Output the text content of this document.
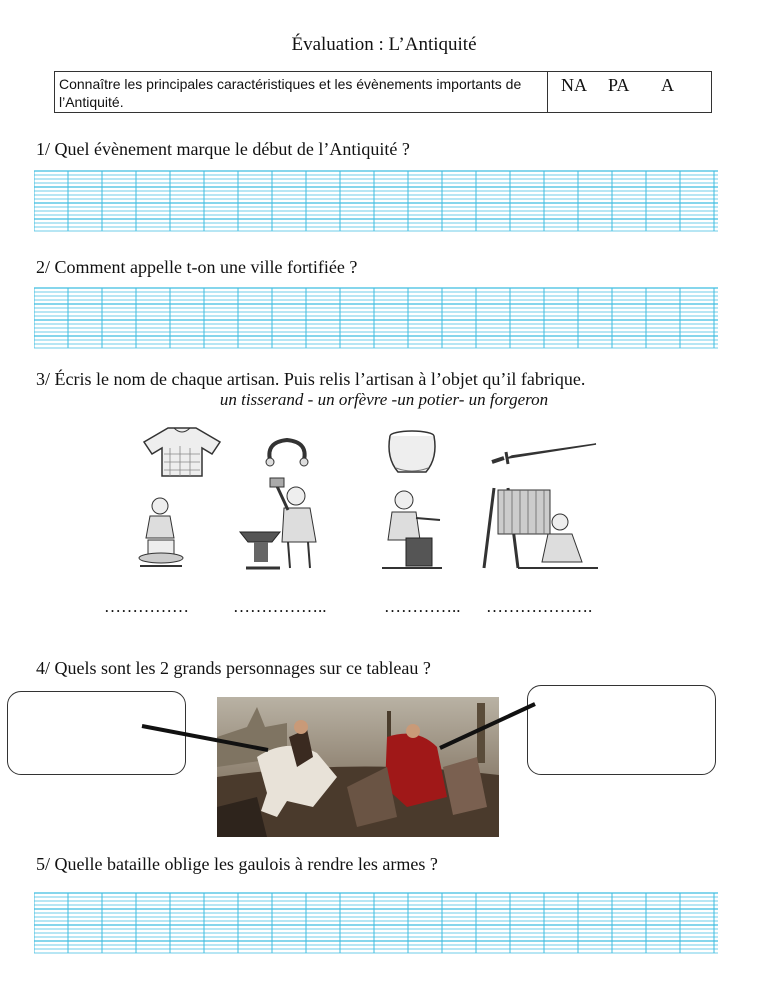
Évaluation : L’Antiquité
Connaître les principales caractéristiques et les évènements importants de l’Antiquité.
NA PA A
1/ Quel évènement marque le début de l’Antiquité ?
2/ Comment appelle t-on une ville fortifiée ?
3/ Écris le nom de chaque artisan. Puis relis l’artisan à l’objet qu’il fabrique.
un tisserand - un orfèvre -un potier- un forgeron
……………	……………..	………….. ……………….
4/ Quels sont les 2 grands personnages sur ce tableau ?
5/ Quelle bataille oblige les gaulois à rendre les armes ?
